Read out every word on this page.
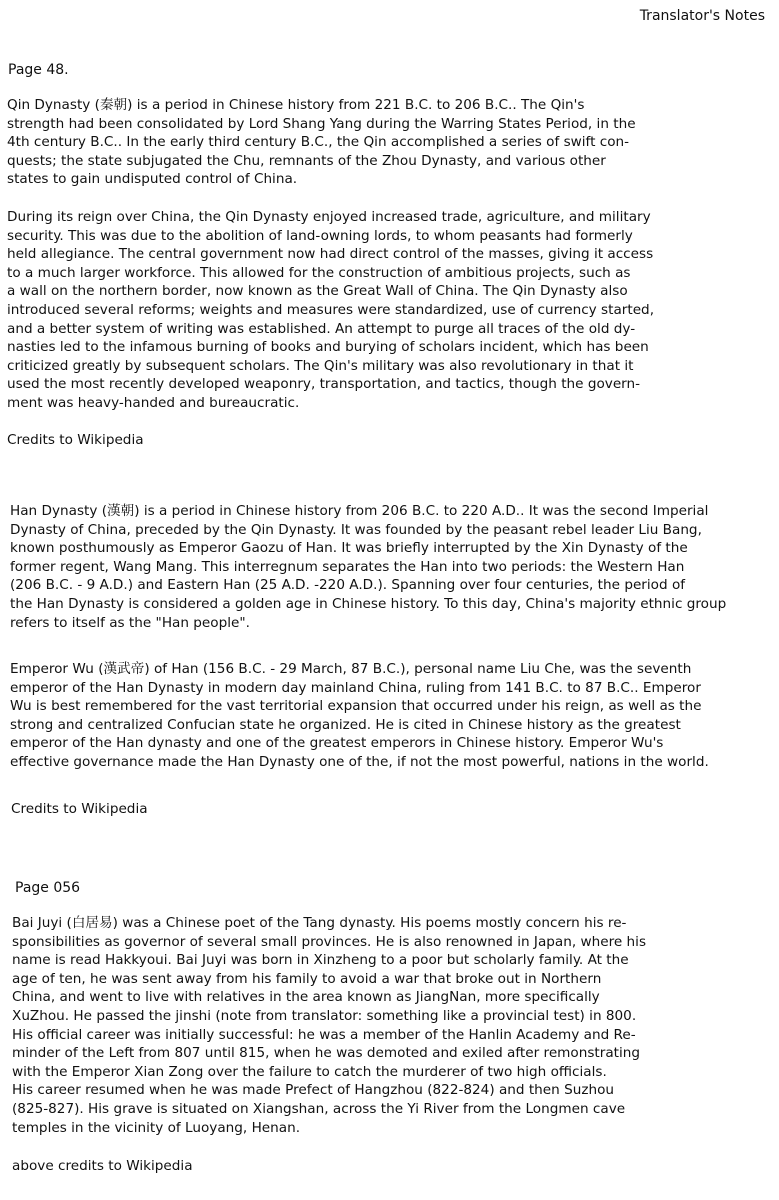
Translator's Notes
Page 48.
Qin Dynasty (秦朝) is a period in Chinese history from 221 B.C. to 206 B.C.. The Qin's
strength had been consolidated by Lord Shang Yang during the Warring States Period, in the
4th century B.C.. In the early third century B.C., the Qin accomplished a series of swift con-
quests; the state subjugated the Chu, remnants of the Zhou Dynasty, and various other
states to gain undisputed control of China.
During its reign over China, the Qin Dynasty enjoyed increased trade, agriculture, and military
security. This was due to the abolition of land-owning lords, to whom peasants had formerly
held allegiance. The central government now had direct control of the masses, giving it access
to a much larger workforce. This allowed for the construction of ambitious projects, such as
a wall on the northern border, now known as the Great Wall of China. The Qin Dynasty also
introduced several reforms; weights and measures were standardized, use of currency started,
and a better system of writing was established. An attempt to purge all traces of the old dy-
nasties led to the infamous burning of books and burying of scholars incident, which has been
criticized greatly by subsequent scholars. The Qin's military was also revolutionary in that it
used the most recently developed weaponry, transportation, and tactics, though the govern-
ment was heavy-handed and bureaucratic.
Credits to Wikipedia
Han Dynasty (漢朝) is a period in Chinese history from 206 B.C. to 220 A.D.. It was the second Imperial
Dynasty of China, preceded by the Qin Dynasty. It was founded by the peasant rebel leader Liu Bang,
known posthumously as Emperor Gaozu of Han. It was briefly interrupted by the Xin Dynasty of the
former regent, Wang Mang. This interregnum separates the Han into two periods: the Western Han
(206 B.C. - 9 A.D.) and Eastern Han (25 A.D. -220 A.D.). Spanning over four centuries, the period of
the Han Dynasty is considered a golden age in Chinese history. To this day, China's majority ethnic group
refers to itself as the "Han people".
Emperor Wu (漢武帝) of Han (156 B.C. - 29 March, 87 B.C.), personal name Liu Che, was the seventh
emperor of the Han Dynasty in modern day mainland China, ruling from 141 B.C. to 87 B.C.. Emperor
Wu is best remembered for the vast territorial expansion that occurred under his reign, as well as the
strong and centralized Confucian state he organized. He is cited in Chinese history as the greatest
emperor of the Han dynasty and one of the greatest emperors in Chinese history. Emperor Wu's
effective governance made the Han Dynasty one of the, if not the most powerful, nations in the world.
Credits to Wikipedia
Page 056
Bai Juyi (白居易) was a Chinese poet of the Tang dynasty. His poems mostly concern his re-
sponsibilities as governor of several small provinces. He is also renowned in Japan, where his
name is read Hakkyoui. Bai Juyi was born in Xinzheng to a poor but scholarly family. At the
age of ten, he was sent away from his family to avoid a war that broke out in Northern
China, and went to live with relatives in the area known as JiangNan, more specifically
XuZhou. He passed the jinshi (note from translator: something like a provincial test) in 800.
His official career was initially successful: he was a member of the Hanlin Academy and Re-
minder of the Left from 807 until 815, when he was demoted and exiled after remonstrating
with the Emperor Xian Zong over the failure to catch the murderer of two high officials.
His career resumed when he was made Prefect of Hangzhou (822-824) and then Suzhou
(825-827). His grave is situated on Xiangshan, across the Yi River from the Longmen cave
temples in the vicinity of Luoyang, Henan.
above credits to Wikipedia
